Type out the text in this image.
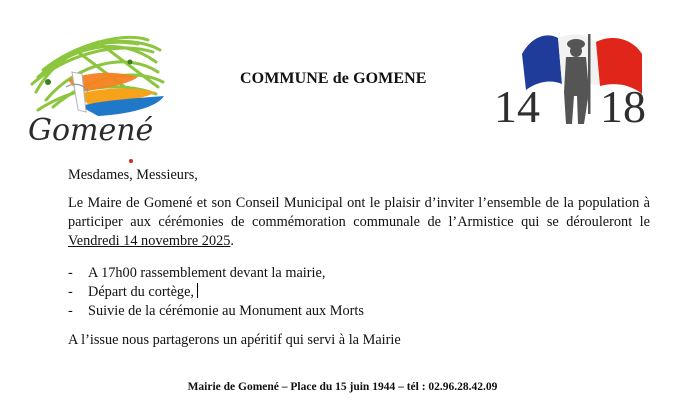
Gomené
COMMUNE de GOMENE
14 18
Mesdames, Messieurs,
Le Maire de Gomené et son Conseil Municipal ont le plaisir d’inviter l’ensemble de la population à participer aux cérémonies de commémoration communale de l’Armistice qui se dérouleront le Vendredi 14 novembre 2025.
- A 17h00 rassemblement devant la mairie,
- Départ du cortège,
- Suivie de la cérémonie au Monument aux Morts
A l’issue nous partagerons un apéritif qui servi à la Mairie
Mairie de Gomené – Place du 15 juin 1944 – tél : 02.96.28.42.09
